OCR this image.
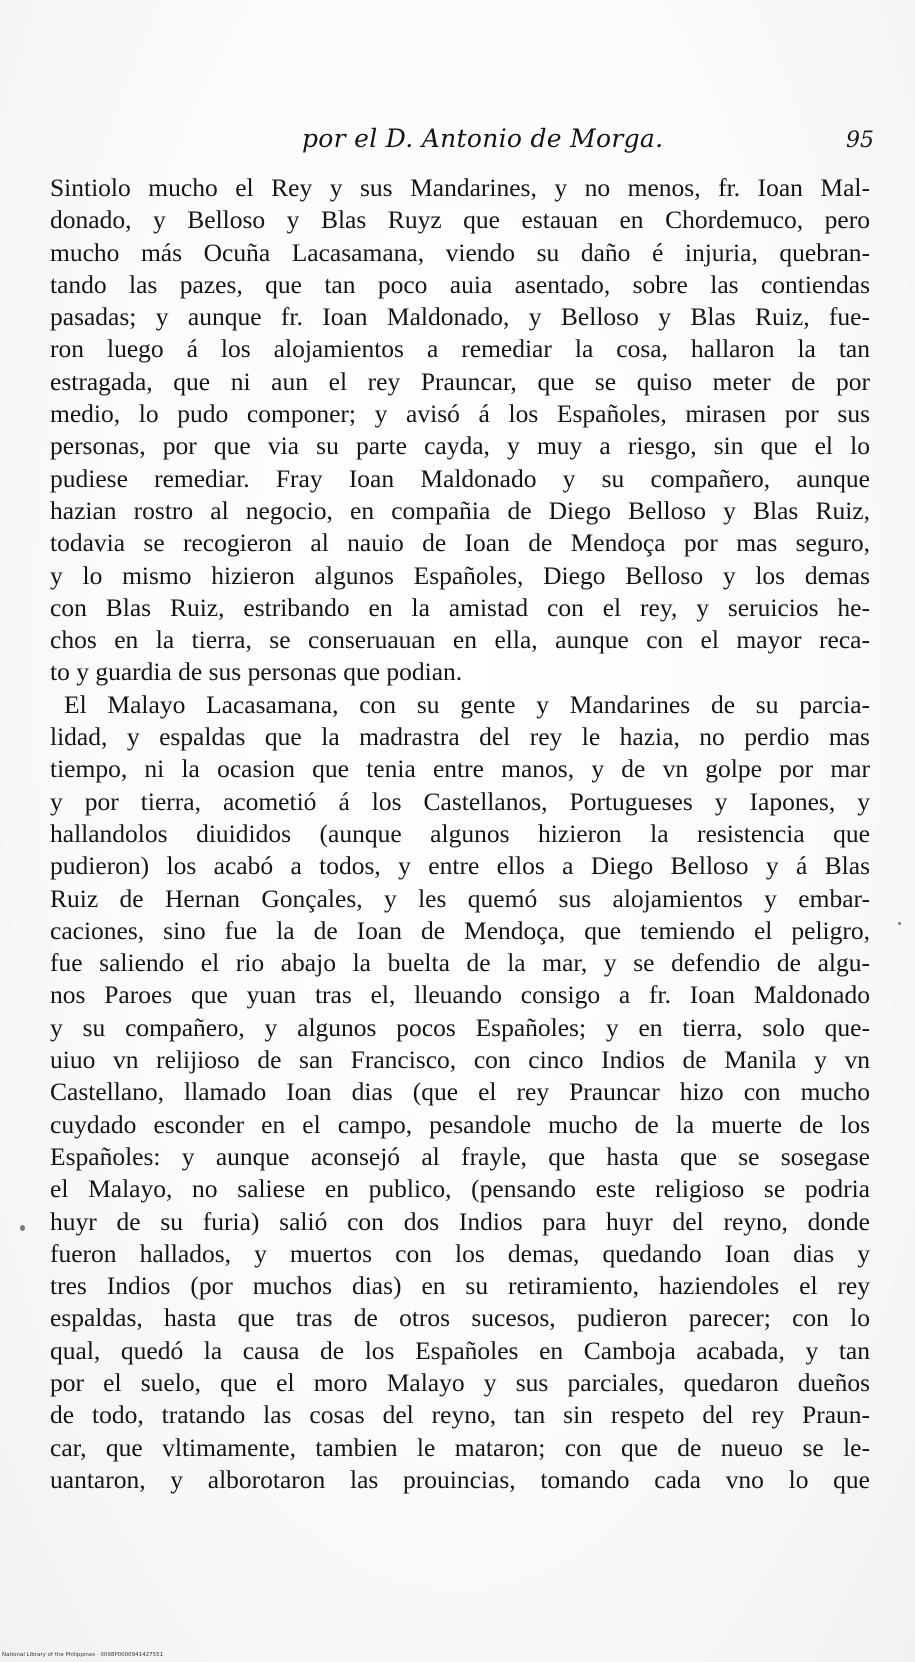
por el D. Antonio de Morga.	95
Sintiolo mucho el Rey y sus Mandarines, y no menos, fr. Ioan Mal-
donado, y Belloso y Blas Ruyz que estauan en Chordemuco, pero
mucho más Ocuña Lacasamana, viendo su daño é injuria, quebran-
tando las pazes, que tan poco auia asentado, sobre las contiendas
pasadas; y aunque fr. Ioan Maldonado, y Belloso y Blas Ruiz, fue-
ron luego á los alojamientos a remediar la cosa, hallaron la tan
estragada, que ni aun el rey Prauncar, que se quiso meter de por
medio, lo pudo componer; y avisó á los Españoles, mirasen por sus
personas, por que via su parte cayda, y muy a riesgo, sin que el lo
pudiese remediar. Fray Ioan Maldonado y su compañero, aunque
hazian rostro al negocio, en compañia de Diego Belloso y Blas Ruiz,
todavia se recogieron al nauio de Ioan de Mendoça por mas seguro,
y lo mismo hizieron algunos Españoles, Diego Belloso y los demas
con Blas Ruiz, estribando en la amistad con el rey, y seruicios he-
chos en la tierra, se conseruauan en ella, aunque con el mayor reca-
to y guardia de sus personas que podian.
El Malayo Lacasamana, con su gente y Mandarines de su parcia-
lidad, y espaldas que la madrastra del rey le hazia, no perdio mas
tiempo, ni la ocasion que tenia entre manos, y de vn golpe por mar
y por tierra, acometió á los Castellanos, Portugueses y Iapones, y
hallandolos diuididos (aunque algunos hizieron la resistencia que
pudieron) los acabó a todos, y entre ellos a Diego Belloso y á Blas
Ruiz de Hernan Gonçales, y les quemó sus alojamientos y embar-
caciones, sino fue la de Ioan de Mendoça, que temiendo el peligro,
fue saliendo el rio abajo la buelta de la mar, y se defendio de algu-
nos Paroes que yuan tras el, lleuando consigo a fr. Ioan Maldonado
y su compañero, y algunos pocos Españoles; y en tierra, solo que-
uiuo vn relijioso de san Francisco, con cinco Indios de Manila y vn
Castellano, llamado Ioan dias (que el rey Prauncar hizo con mucho
cuydado esconder en el campo, pesandole mucho de la muerte de los
Españoles: y aunque aconsejó al frayle, que hasta que se sosegase
el Malayo, no saliese en publico, (pensando este religioso se podria
huyr de su furia) salió con dos Indios para huyr del reyno, donde
fueron hallados, y muertos con los demas, quedando Ioan dias y
tres Indios (por muchos dias) en su retiramiento, haziendoles el rey
espaldas, hasta que tras de otros sucesos, pudieron parecer; con lo
qual, quedó la causa de los Españoles en Camboja acabada, y tan
por el suelo, que el moro Malayo y sus parciales, quedaron dueños
de todo, tratando las cosas del reyno, tan sin respeto del rey Praun-
car, que vltimamente, tambien le mataron; con que de nueuo se le-
uantaron, y alborotaron las prouincias, tomando cada vno lo que
National Library of the Philippines · 0098P0000941427551
